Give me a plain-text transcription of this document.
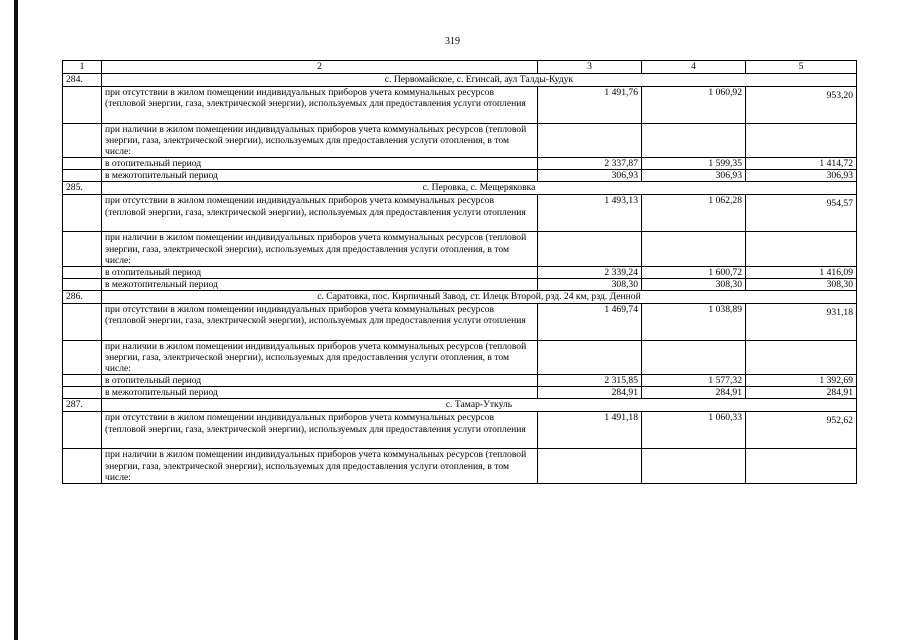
319
1	2	3	4	5
284.	с. Первомайское, с. Егинсай, аул Талды-Кудук			
	при отсутствии в жилом помещении индивидуальных приборов учета коммунальных ресурсов (тепловой энергии, газа, электрической энергии), используемых для предоставления услуги отопления	1 491,76	1 060,92	953,20
	при наличии в жилом помещении индивидуальных приборов учета коммунальных ресурсов (тепловой энергии, газа, электрической энергии), используемых для предоставления услуги отопления, в том числе:			
	в отопительный период	2 337,87	1 599,35	1 414,72
	в межотопительный период	306,93	306,93	306,93
285.	с. Перовка, с. Мещеряковка			
	при отсутствии в жилом помещении индивидуальных приборов учета коммунальных ресурсов (тепловой энергии, газа, электрической энергии), используемых для предоставления услуги отопления	1 493,13	1 062,28	954,57
	при наличии в жилом помещении индивидуальных приборов учета коммунальных ресурсов (тепловой энергии, газа, электрической энергии), используемых для предоставления услуги отопления, в том числе:			
	в отопительный период	2 339,24	1 600,72	1 416,09
	в межотопительный период	308,30	308,30	308,30
286.	с. Саратовка, пос. Кирпичный Завод, ст. Илецк Второй, рзд. 24 км, рзд. Денной			
	при отсутствии в жилом помещении индивидуальных приборов учета коммунальных ресурсов (тепловой энергии, газа, электрической энергии), используемых для предоставления услуги отопления	1 469,74	1 038,89	931,18
	при наличии в жилом помещении индивидуальных приборов учета коммунальных ресурсов (тепловой энергии, газа, электрической энергии), используемых для предоставления услуги отопления, в том числе:			
	в отопительный период	2 315,85	1 577,32	1 392,69
	в межотопительный период	284,91	284,91	284,91
287.	с. Тамар-Уткуль			
	при отсутствии в жилом помещении индивидуальных приборов учета коммунальных ресурсов (тепловой энергии, газа, электрической энергии), используемых для предоставления услуги отопления	1 491,18	1 060,33	952,62
	при наличии в жилом помещении индивидуальных приборов учета коммунальных ресурсов (тепловой энергии, газа, электрической энергии), используемых для предоставления услуги отопления, в том числе:			
